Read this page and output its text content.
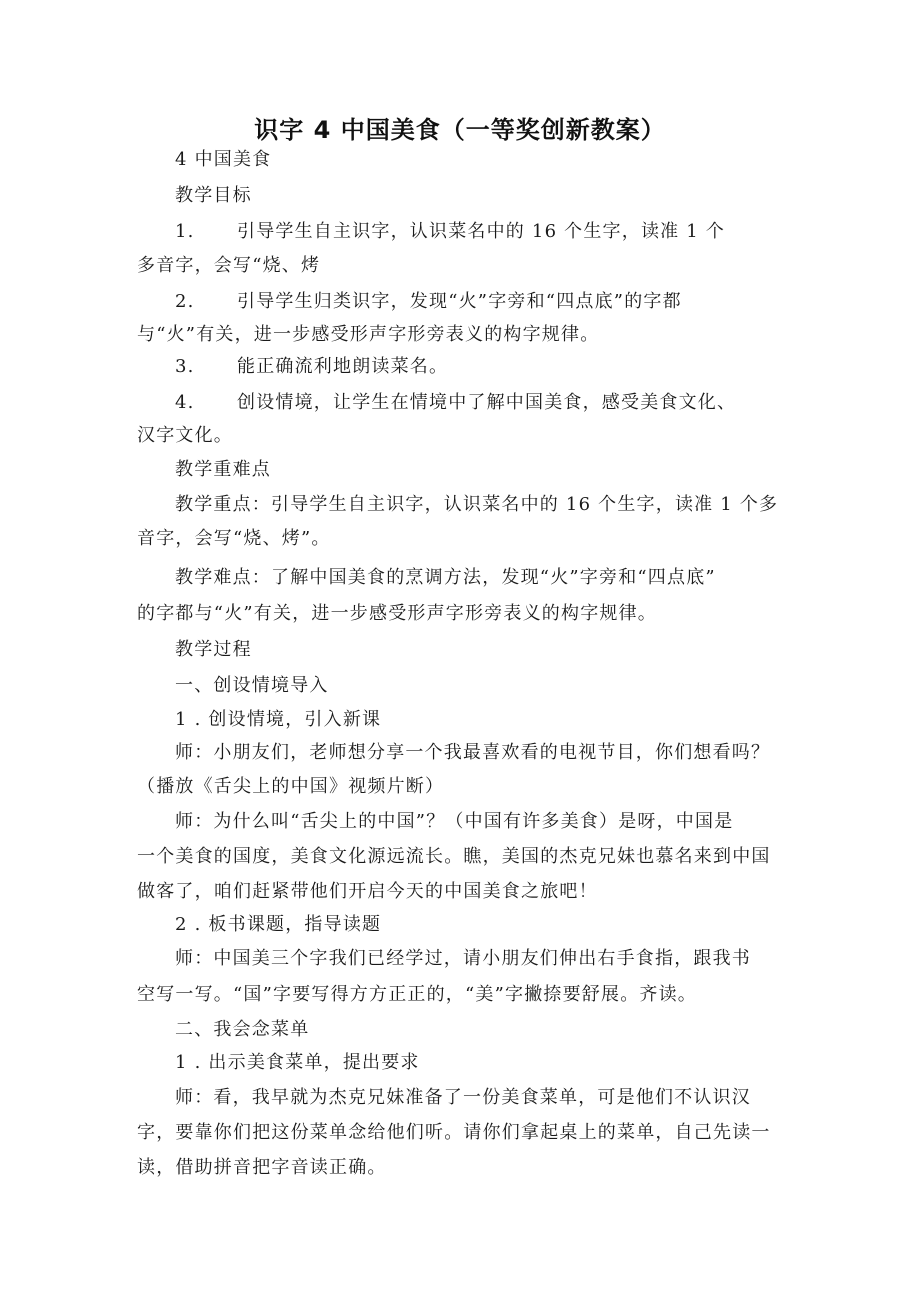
识字 4 中国美食（一等奖创新教案）
4 中国美食
教学目标
1. 引导学生自主识字，认识菜名中的 16 个生字，读准 1 个
多音字，会写“烧、烤
2. 引导学生归类识字，发现“火”字旁和“四点底”的字都
与“火”有关，进一步感受形声字形旁表义的构字规律。
3. 能正确流利地朗读菜名。
4. 创设情境，让学生在情境中了解中国美食，感受美食文化、
汉字文化。
教学重难点
教学重点：引导学生自主识字，认识菜名中的 16 个生字，读准 1 个多
音字，会写“烧、烤”。
教学难点：了解中国美食的烹调方法，发现“火”字旁和“四点底”
的字都与“火”有关，进一步感受形声字形旁表义的构字规律。
教学过程
一、创设情境导入
1 . 创设情境，引入新课
师：小朋友们，老师想分享一个我最喜欢看的电视节目，你们想看吗？
（播放《舌尖上的中国》视频片断）
师：为什么叫“舌尖上的中国”？（中国有许多美食）是呀，中国是
一个美食的国度，美食文化源远流长。瞧，美国的杰克兄妹也慕名来到中国
做客了，咱们赶紧带他们开启今天的中国美食之旅吧！
2 . 板书课题，指导读题
师：中国美三个字我们已经学过，请小朋友们伸出右手食指，跟我书
空写一写。“国”字要写得方方正正的，“美”字撇捺要舒展。齐读。
二、我会念菜单
1 . 出示美食菜单，提出要求
师：看，我早就为杰克兄妹准备了一份美食菜单，可是他们不认识汉
字，要靠你们把这份菜单念给他们听。请你们拿起桌上的菜单，自己先读一
读，借助拼音把字音读正确。
